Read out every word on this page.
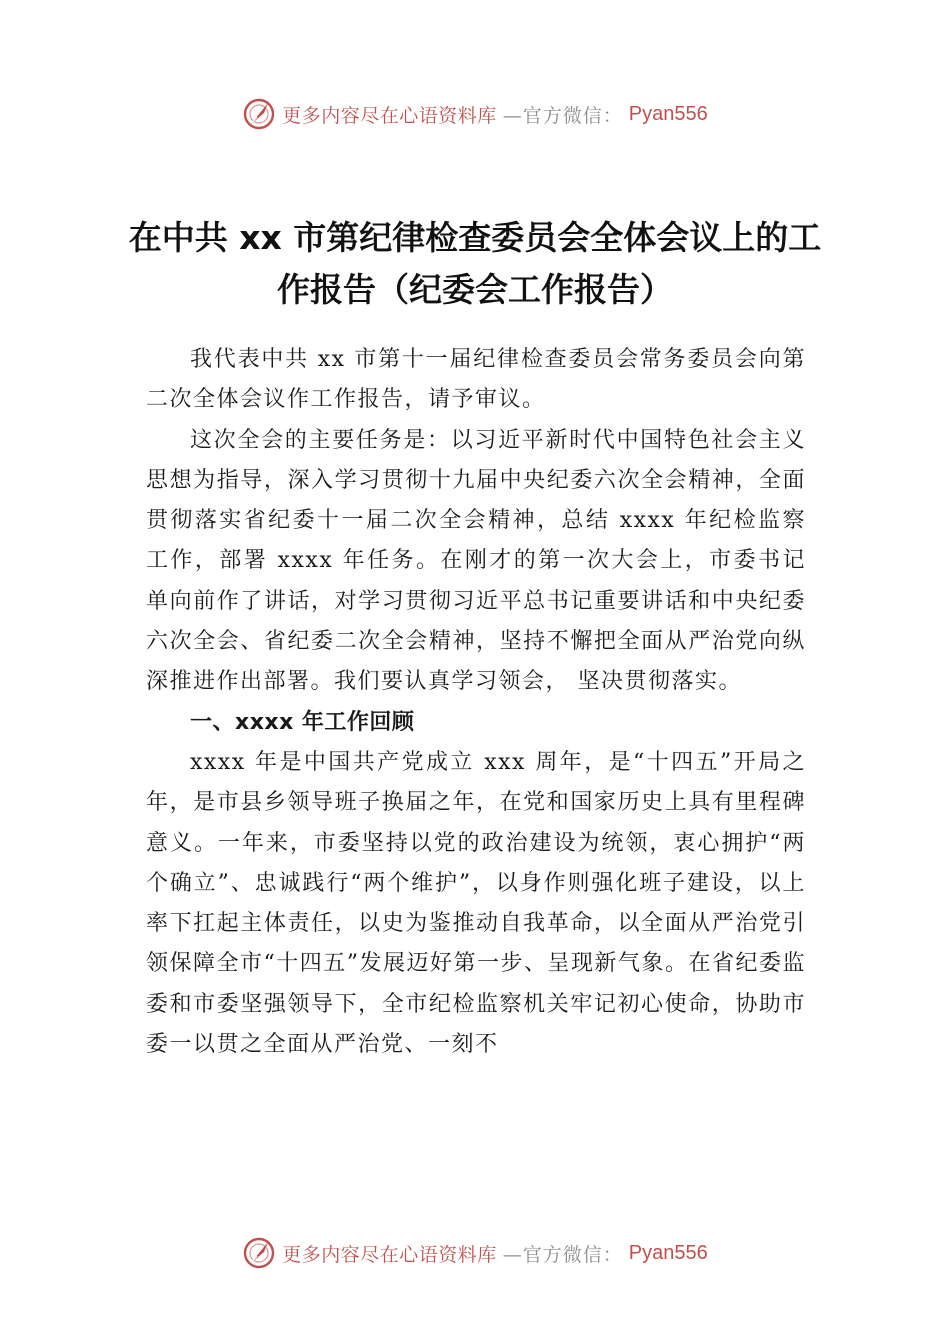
更多内容尽在心语资料库 —官方微信： Pyan556
在中共 xx 市第纪律检查委员会全体会议上的工作报告（纪委会工作报告）

我代表中共 xx 市第十一届纪律检查委员会常务委员会向第二次全体会议作工作报告，请予审议。

这次全会的主要任务是：以习近平新时代中国特色社会主义思想为指导，深入学习贯彻十九届中央纪委六次全会精神，全面贯彻落实省纪委十一届二次全会精神，总结 xxxx 年纪检监察工作，部署 xxxx 年任务。在刚才的第一次大会上，市委书记单向前作了讲话，对学习贯彻习近平总书记重要讲话和中央纪委六次全会、省纪委二次全会精神，坚持不懈把全面从严治党向纵深推进作出部署。我们要认真学习领会， 坚决贯彻落实。

一、xxxx 年工作回顾

xxxx 年是中国共产党成立 xxx 周年，是“十四五”开局之年，是市县乡领导班子换届之年，在党和国家历史上具有里程碑意义。一年来，市委坚持以党的政治建设为统领，衷心拥护“两个确立”、忠诚践行“两个维护”，以身作则强化班子建设，以上率下扛起主体责任，以史为鉴推动自我革命，以全面从严治党引领保障全市“十四五”发展迈好第一步、呈现新气象。在省纪委监委和市委坚强领导下，全市纪检监察机关牢记初心使命，协助市委一以贯之全面从严治党、一刻不

更多内容尽在心语资料库 —官方微信： Pyan556
